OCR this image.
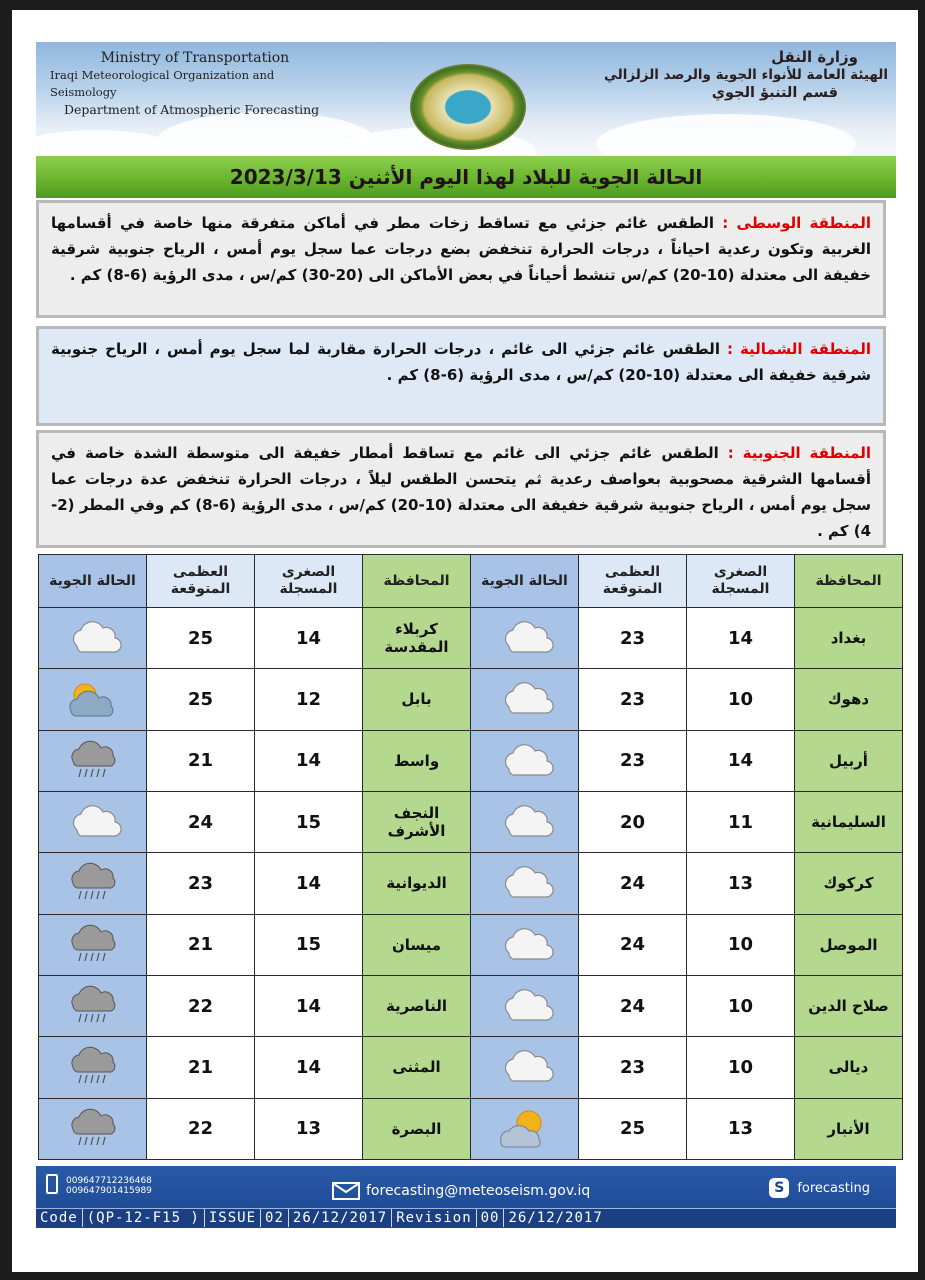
Ministry of Transportation
Iraqi Meteorological Organization and Seismology
Department of Atmospheric Forecasting
وزارة النقل
الهيئة العامة للأنواء الجوية والرصد الزلزالي
قسم التنبؤ الجوي
الحالة الجوية للبلاد لهذا اليوم الأثنين 2023/3/13
المنطقة الوسطى : الطقس غائم جزئي مع تساقط زخات مطر في أماكن متفرقة منها خاصة في أقسامها الغربية وتكون رعدية احياناً ، درجات الحرارة تنخفض بضع درجات عما سجل يوم أمس ، الرياح جنوبية شرقية خفيفة الى معتدلة (10-20) كم/س تنشط أحياناً في بعض الأماكن الى (20-30) كم/س ، مدى الرؤية (6-8) كم .
المنطقة الشمالية : الطقس غائم جزئي الى غائم ، درجات الحرارة مقاربة لما سجل يوم أمس ، الرياح جنوبية شرقية خفيفة الى معتدلة (10-20) كم/س ، مدى الرؤية (6-8) كم .
المنطقة الجنوبية : الطقس غائم جزئي الى غائم مع تساقط أمطار خفيفة الى متوسطة الشدة خاصة في أقسامها الشرقية مصحوبية بعواصف رعدية ثم يتحسن الطقس ليلاً ، درجات الحرارة تنخفض عدة درجات عما سجل يوم أمس ، الرياح جنوبية شرقية خفيفة الى معتدلة (10-20) كم/س ، مدى الرؤية (6-8) كم وفي المطر (2-4) كم .
المحافظة	الصغرى المسجلة	العظمى المتوقعة	الحالة الجوية	المحافظة	الصغرى المسجلة	العظمى المتوقعة	الحالة الجوية
بغداد	14	23		كربلاء المقدسة	14	25	

دهوك	10	23		بابل	12	25	

أربيل	14	23		واسط	14	21	

السليمانية	11	20		النجف الأشرف	15	24	

كركوك	13	24		الديوانية	14	23	

الموصل	10	24		ميسان	15	21	

صلاح الدين	10	24		الناصرية	14	22	

ديالى	10	23		المثنى	14	21	

الأنبار	13	25		البصرة	13	22	
009647712236468
009647901415989	forecasting@meteoseism.gov.iq	S forecasting
Code (QP-12-F15 ) ISSUE 02 26/12/2017 Revision 00 26/12/2017
